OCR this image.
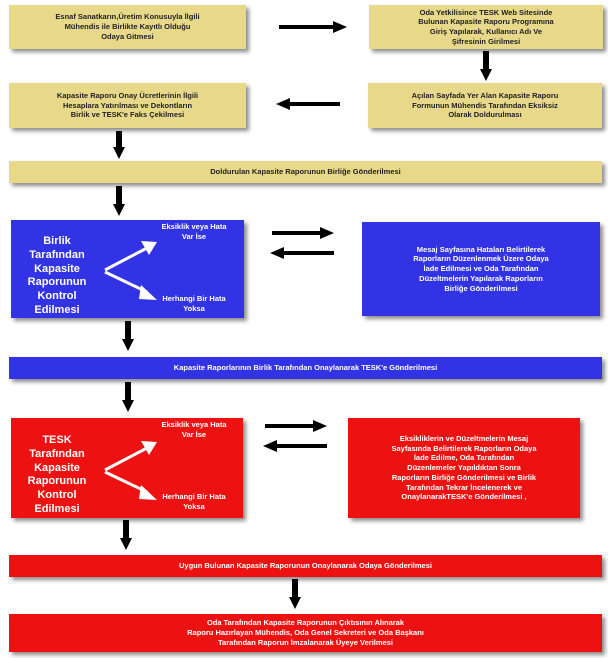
Esnaf Sanatkarın,Üretim Konusuyla İlgili
Mühendis ile Birlikte Kayıtlı Olduğu
Odaya Gitmesi
Oda Yetkilisince TESK Web Sitesinde
Bulunan Kapasite Raporu Programına
Giriş Yapılarak, Kullanıcı Adı Ve
Şifresinin Girilmesi
Kapasite Raporu Onay Ücretlerinin İlgili
Hesaplara Yatırılması ve Dekontların
Birlik ve TESK'e Faks Çekilmesi
Açılan Sayfada Yer Alan Kapasite Raporu
Formunun Mühendis Tarafından Eksiksiz
Olarak Doldurulması
Doldurulan Kapasite Raporunun Birliğe Gönderilmesi
Birlik
Tarafından
Kapasite
Raporunun
Kontrol
Edilmesi
Eksiklik veya Hata
Var İse
Herhangi Bir Hata
Yoksa
Mesaj Sayfasına Hataları Belirtilerek
Raporların Düzenlenmek Üzere Odaya
İade Edilmesi ve Oda Tarafından
Düzeltmelerin Yapılarak Raporların
Birliğe Gönderilmesi
Kapasite Raporlarının Birlik Tarafından Onaylanarak TESK'e Gönderilmesi
TESK
Tarafından
Kapasite
Raporunun
Kontrol
Edilmesi
Eksiklik veya Hata
Var İse
Herhangi Bir Hata
Yoksa
Eksikliklerin ve Düzeltmelerin Mesaj
Sayfasında Belirtilerek Raporların Odaya
İade Edilme, Oda Tarafından
Düzenlemeler Yapıldıktan Sonra
Raporların Birliğe Gönderilmesi ve Birlik
Tarafından Tekrar İncelenerek ve
OnaylanarakTESK'e Gönderilmesi ,
Uygun Bulunan Kapasite Raporunun Onaylanarak Odaya Gönderilmesi
Oda Tarafından Kapasite Raporunun Çıktısının Alınarak
Raporu Hazırlayan Mühendis, Oda Genel Sekreteri ve Oda Başkanı
Tarafından Raporun İmzalanarak Üyeye Verilmesi
